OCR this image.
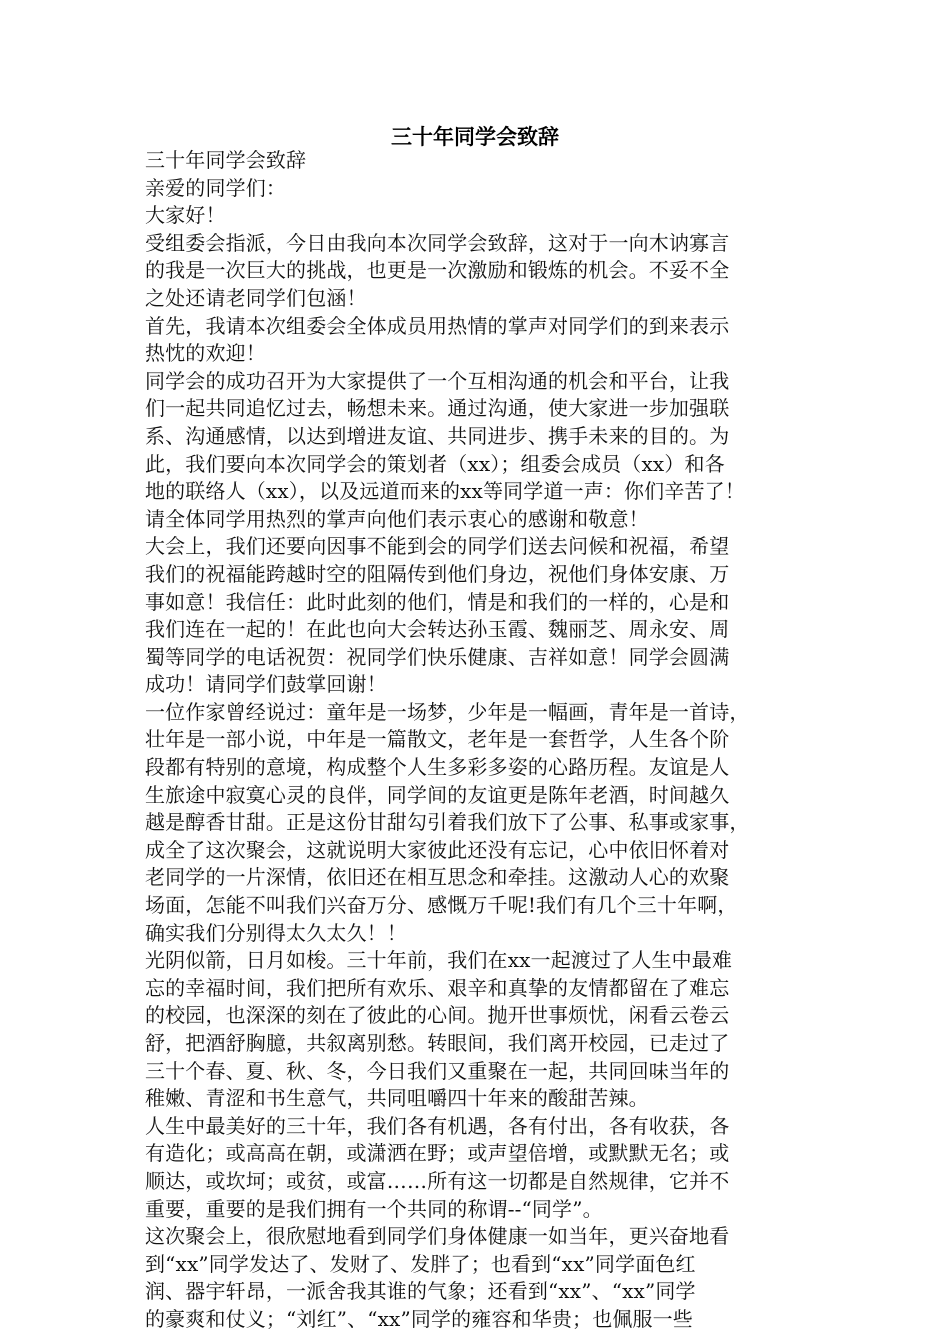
三十年同学会致辞
三十年同学会致辞
亲爱的同学们：
大家好！
受组委会指派，今日由我向本次同学会致辞，这对于一向木讷寡言
的我是一次巨大的挑战，也更是一次激励和锻炼的机会。不妥不全
之处还请老同学们包涵！
首先，我请本次组委会全体成员用热情的掌声对同学们的到来表示
热忱的欢迎！
同学会的成功召开为大家提供了一个互相沟通的机会和平台，让我
们一起共同追忆过去，畅想未来。通过沟通，使大家进一步加强联
系、沟通感情，以达到增进友谊、共同进步、携手未来的目的。为
此，我们要向本次同学会的策划者（xx）；组委会成员（xx）和各
地的联络人（xx），以及远道而来的xx等同学道一声：你们辛苦了！
请全体同学用热烈的掌声向他们表示衷心的感谢和敬意！
大会上，我们还要向因事不能到会的同学们送去问候和祝福，希望
我们的祝福能跨越时空的阻隔传到他们身边，祝他们身体安康、万
事如意！我信任：此时此刻的他们，情是和我们的一样的，心是和
我们连在一起的！在此也向大会转达孙玉霞、魏丽芝、周永安、周
蜀等同学的电话祝贺：祝同学们快乐健康、吉祥如意！同学会圆满
成功！请同学们鼓掌回谢！
一位作家曾经说过：童年是一场梦，少年是一幅画，青年是一首诗，
壮年是一部小说，中年是一篇散文，老年是一套哲学，人生各个阶
段都有特别的意境，构成整个人生多彩多姿的心路历程。友谊是人
生旅途中寂寞心灵的良伴，同学间的友谊更是陈年老酒，时间越久
越是醇香甘甜。正是这份甘甜勾引着我们放下了公事、私事或家事，
成全了这次聚会，这就说明大家彼此还没有忘记，心中依旧怀着对
老同学的一片深情，依旧还在相互思念和牵挂。这激动人心的欢聚
场面，怎能不叫我们兴奋万分、感慨万千呢!我们有几个三十年啊，
确实我们分别得太久太久！！
光阴似箭，日月如梭。三十年前，我们在xx一起渡过了人生中最难
忘的幸福时间，我们把所有欢乐、艰辛和真挚的友情都留在了难忘
的校园，也深深的刻在了彼此的心间。抛开世事烦忧，闲看云卷云
舒，把酒舒胸臆，共叙离别愁。转眼间，我们离开校园，已走过了
三十个春、夏、秋、冬，今日我们又重聚在一起，共同回味当年的
稚嫩、青涩和书生意气，共同咀嚼四十年来的酸甜苦辣。
人生中最美好的三十年，我们各有机遇，各有付出，各有收获，各
有造化；或高高在朝，或潇洒在野；或声望倍增，或默默无名；或
顺达，或坎坷；或贫，或富……所有这一切都是自然规律，它并不
重要，重要的是我们拥有一个共同的称谓--“同学”。
这次聚会上，很欣慰地看到同学们身体健康一如当年，更兴奋地看
到“xx”同学发达了、发财了、发胖了；也看到“xx”同学面色红
润、器宇轩昂，一派舍我其谁的气象；还看到“xx”、“xx”同学
的豪爽和仗义；“刘红”、“xx”同学的雍容和华贵；也佩服一些
